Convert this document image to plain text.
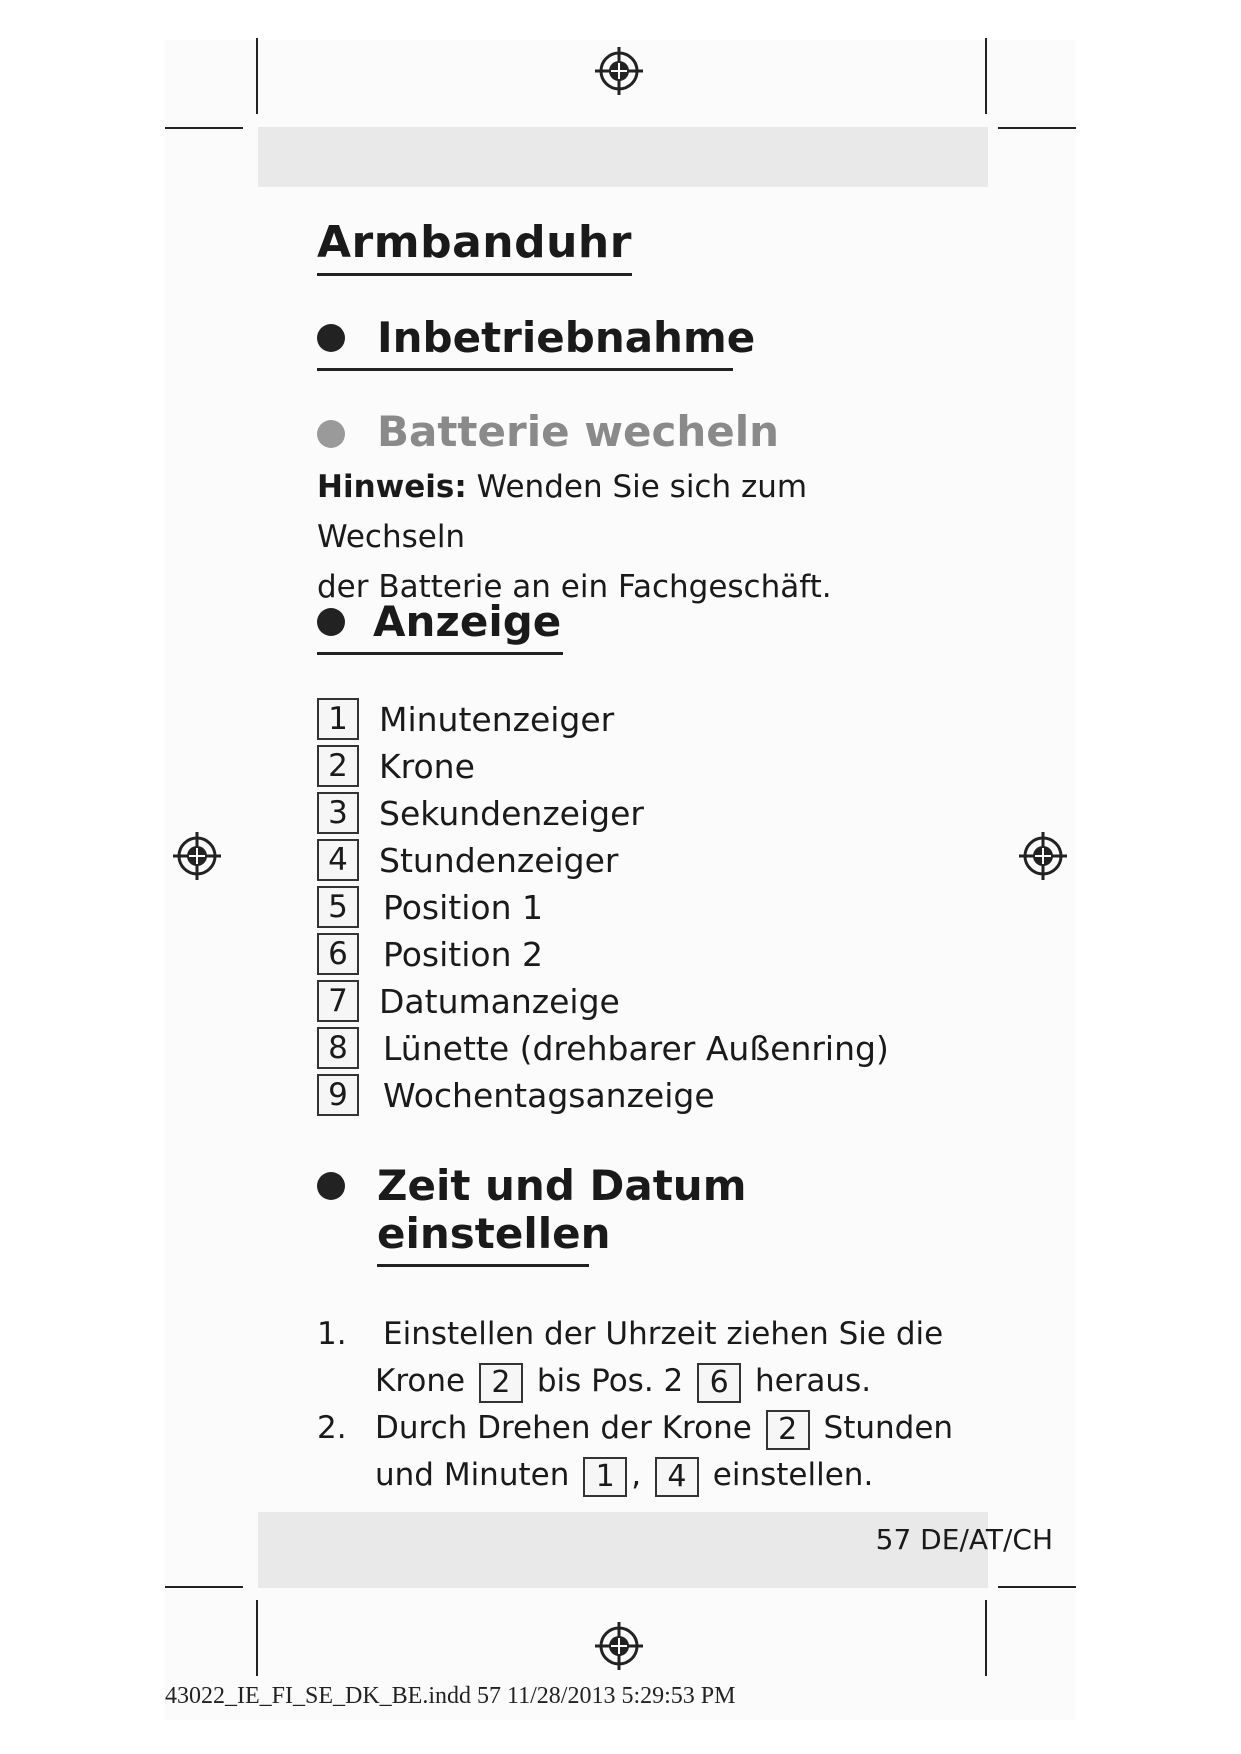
Armbanduhr
Inbetriebnahme
Batterie wecheln
Hinweis: Wenden Sie sich zum Wechseln
der Batterie an ein Fachgeschäft.
Anzeige
1 Minutenzeiger
2 Krone
3 Sekundenzeiger
4 Stundenzeiger
5	Position 1
6	Position 2
7 Datumanzeige
8	Lünette (drehbarer Außenring)
9	Wochentagsanzeige
Zeit und Datum
einstellen
1. Einstellen der Uhrzeit ziehen Sie die
Krone 2 bis Pos. 2 6 heraus.
2. Durch Drehen der Krone 2 Stunden
und Minuten 1 , 4 einstellen.
57 DE/AT/CH
43022_IE_FI_SE_DK_BE.indd 57 11/28/2013 5:29:53 PM
